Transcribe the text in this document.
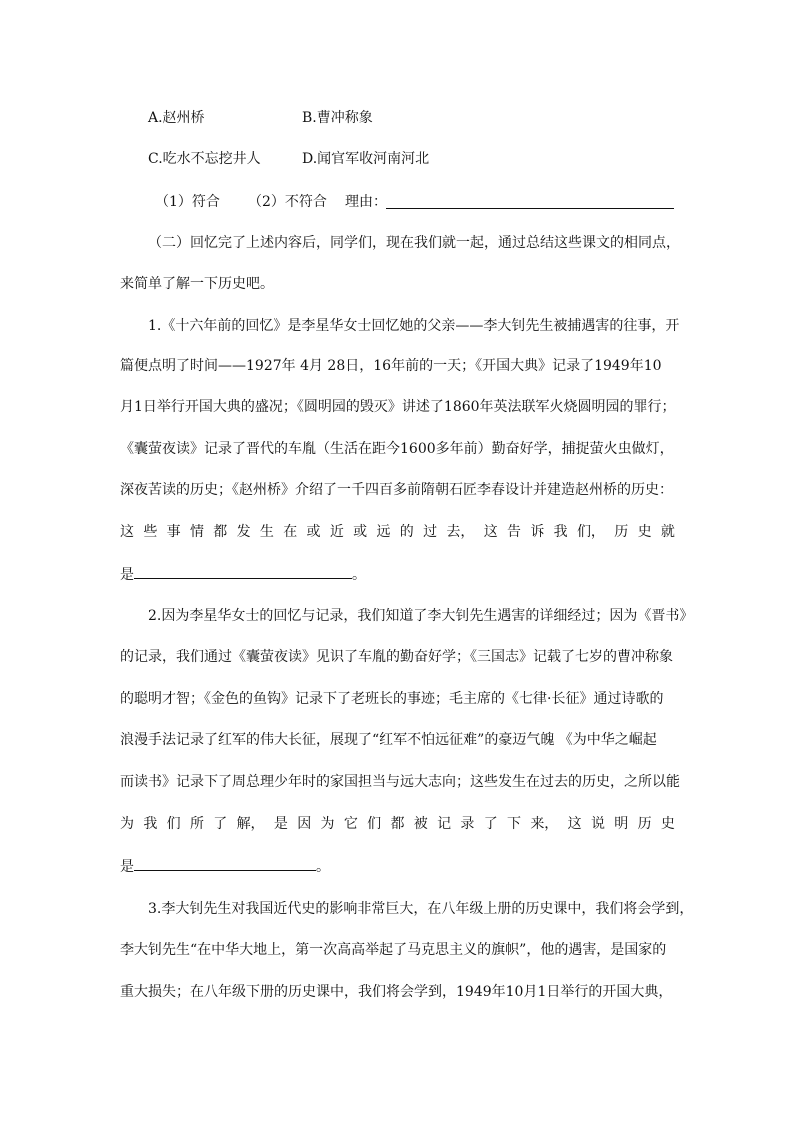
A.赵州桥	B.曹冲称象
C.吃水不忘挖井人	D.闻官军收河南河北
（1）符合 （2）不符合 理由：
（二）回忆完了上述内容后，同学们，现在我们就一起，通过总结这些课文的相同点，
来简单了解一下历史吧。
1.《十六年前的回忆》是李星华女士回忆她的父亲——李大钊先生被捕遇害的往事，开
篇便点明了时间——1927年 4月 28日，16年前的一天；《开国大典》记录了1949年10
月1日举行开国大典的盛况；《圆明园的毁灭》讲述了1860年英法联军火烧圆明园的罪行；
《囊萤夜读》记录了晋代的车胤（生活在距今1600多年前）勤奋好学，捕捉萤火虫做灯，
深夜苦读的历史；《赵州桥》介绍了一千四百多前隋朝石匠李春设计并建造赵州桥的历史：
这 些 事 情 都 发 生 在 或 近 或 远 的 过 去， 这 告 诉 我 们， 历 史 就
是	。
2.因为李星华女士的回忆与记录，我们知道了李大钊先生遇害的详细经过；因为《晋书》
的记录，我们通过《囊萤夜读》见识了车胤的勤奋好学；《三国志》记载了七岁的曹冲称象
的聪明才智；《金色的鱼钩》记录下了老班长的事迹；毛主席的《七律·长征》通过诗歌的
浪漫手法记录了红军的伟大长征，展现了“红军不怕远征难”的豪迈气魄 《为中华之崛起
而读书》记录下了周总理少年时的家国担当与远大志向；这些发生在过去的历史，之所以能
为 我 们 所 了 解， 是 因 为 它 们 都 被 记 录 了 下 来， 这 说 明 历 史
是	。
3.李大钊先生对我国近代史的影响非常巨大，在八年级上册的历史课中，我们将会学到，
李大钊先生“在中华大地上，第一次高高举起了马克思主义的旗帜”，他的遇害，是国家的
重大损失；在八年级下册的历史课中，我们将会学到，1949年10月1日举行的开国大典，
